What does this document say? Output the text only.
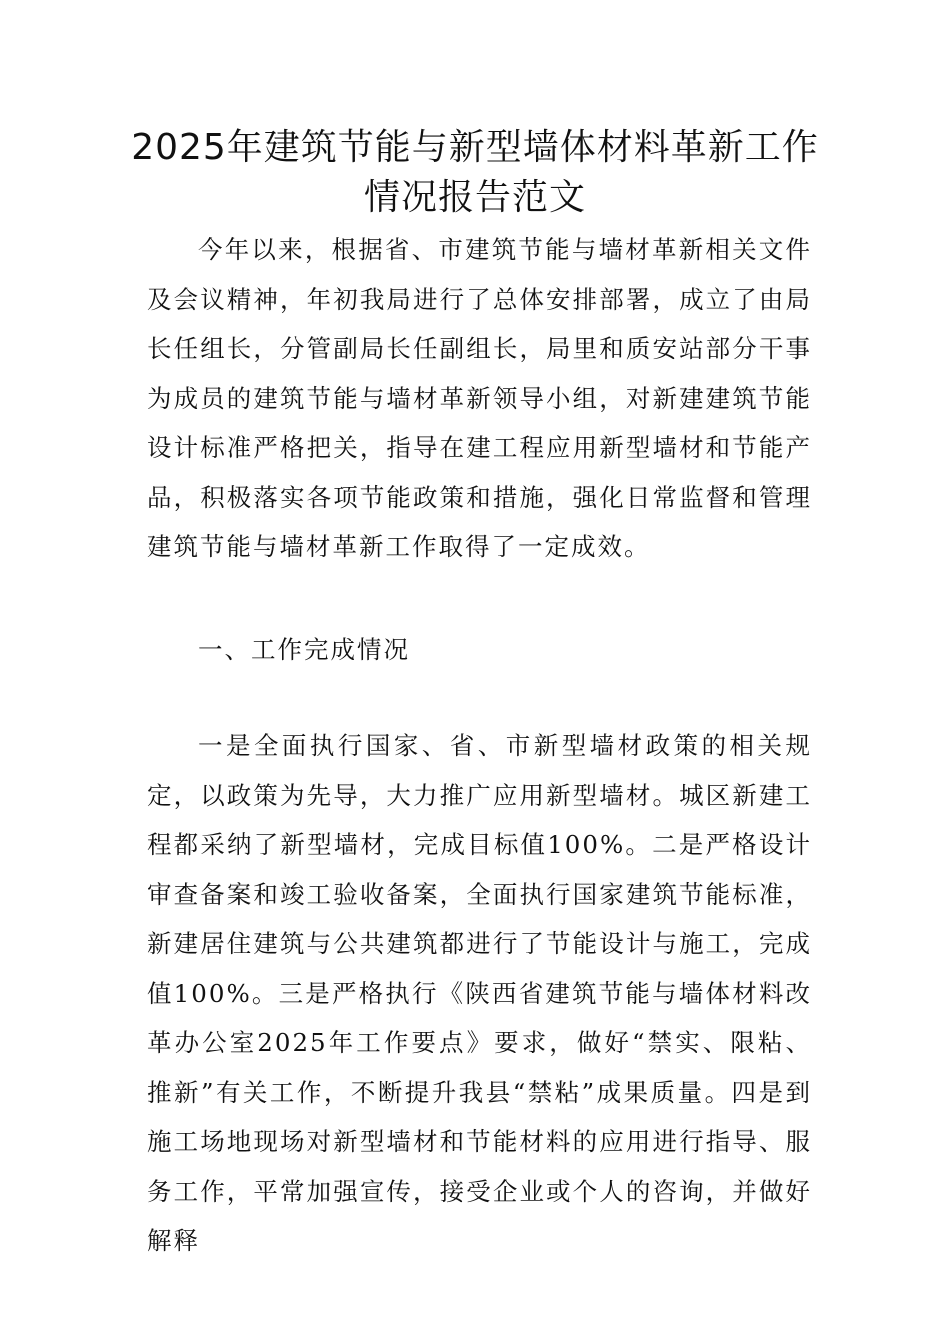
2025年建筑节能与新型墙体材料革新工作
情况报告范文

今年以来，根据省、市建筑节能与墙材革新相关文件及会议精神，年初我局进行了总体安排部署，成立了由局长任组长，分管副局长任副组长，局里和质安站部分干事为成员的建筑节能与墙材革新领导小组，对新建建筑节能设计标准严格把关，指导在建工程应用新型墙材和节能产品，积极落实各项节能政策和措施，强化日常监督和管理建筑节能与墙材革新工作取得了一定成效。

一、工作完成情况

一是全面执行国家、省、市新型墙材政策的相关规定，以政策为先导，大力推广应用新型墙材。城区新建工程都采纳了新型墙材，完成目标值100%。二是严格设计审查备案和竣工验收备案，全面执行国家建筑节能标准，新建居住建筑与公共建筑都进行了节能设计与施工，完成值100%。三是严格执行《陕西省建筑节能与墙体材料改革办公室2025年工作要点》要求，做好“禁实、限粘、推新”有关工作，不断提升我县“禁粘”成果质量。四是到施工场地现场对新型墙材和节能材料的应用进行指导、服务工作，平常加强宣传，接受企业或个人的咨询，并做好解释
